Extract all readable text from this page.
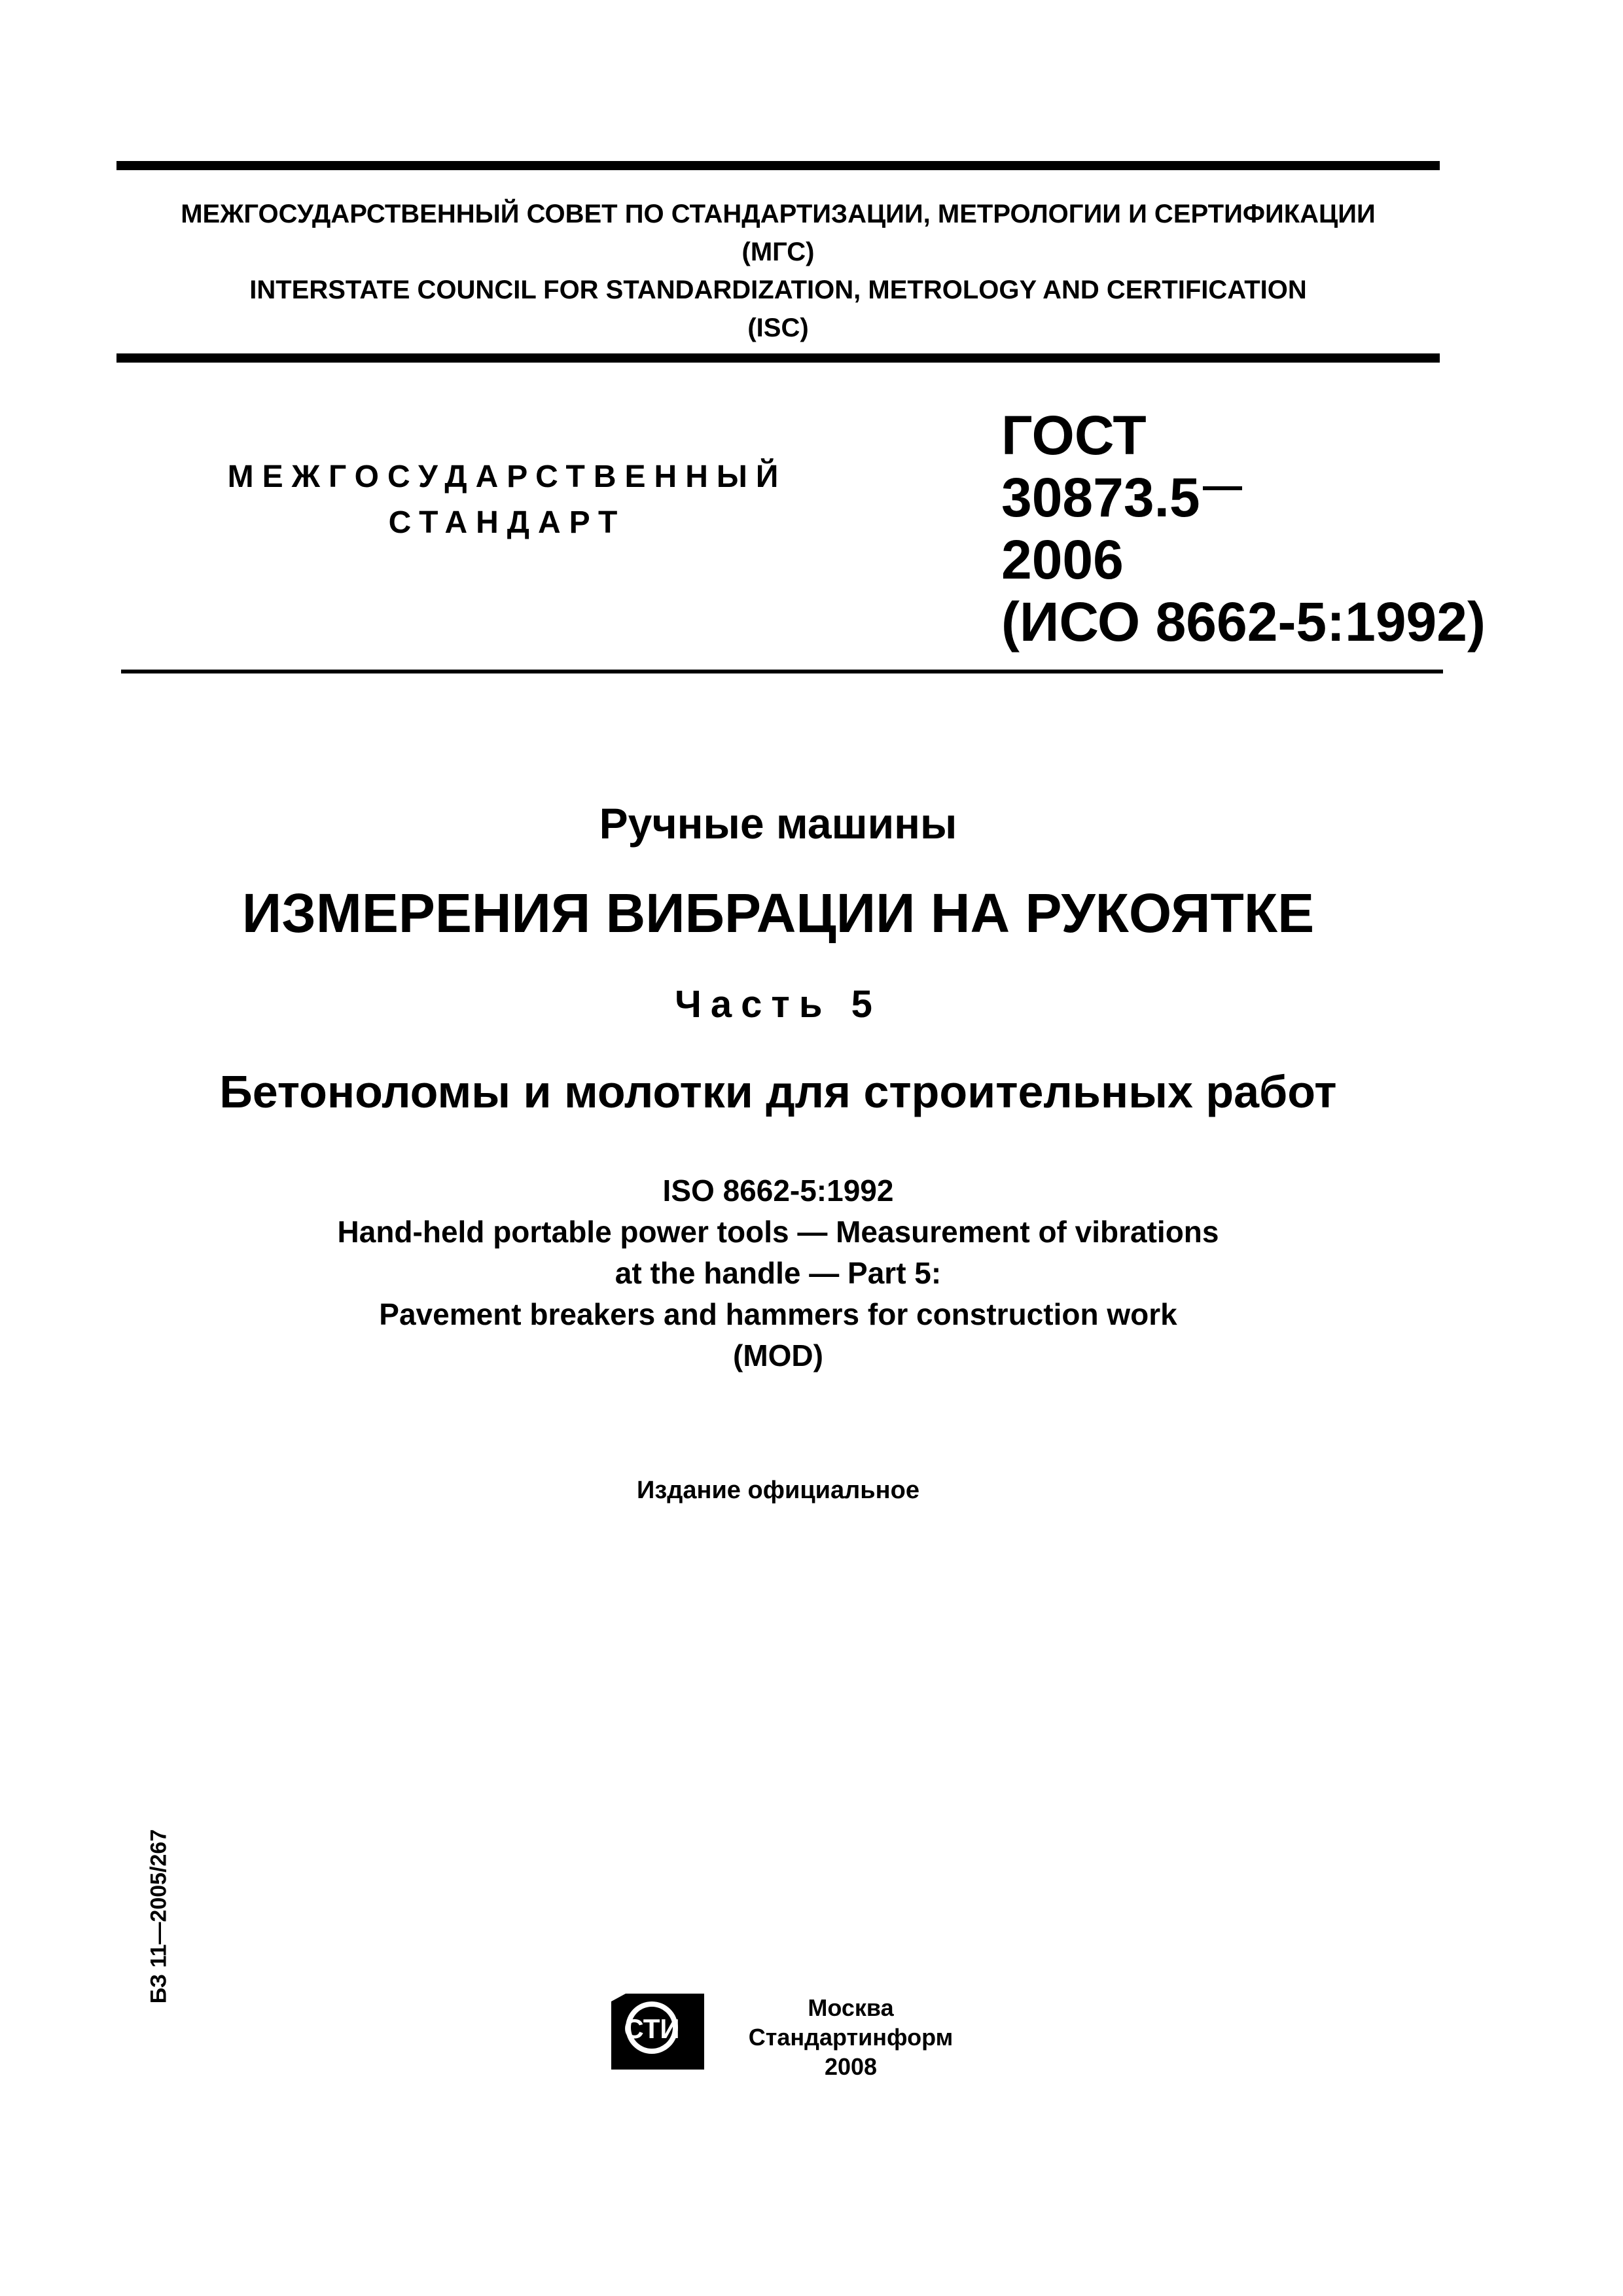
МЕЖГОСУДАРСТВЕННЫЙ СОВЕТ ПО СТАНДАРТИЗАЦИИ, МЕТРОЛОГИИ И СЕРТИФИКАЦИИ
(МГС)
INTERSTATE COUNCIL FOR STANDARDIZATION, METROLOGY AND CERTIFICATION
(ISC)
МЕЖГОСУДАРСТВЕННЫЙ
СТАНДАРТ
ГОСТ
30873.5
2006
(ИСО 8662-5:1992)
Ручные машины
ИЗМЕРЕНИЯ ВИБРАЦИИ НА РУКОЯТКЕ
Часть 5
Бетоноломы и молотки для строительных работ
ISO 8662-5:1992
Hand-held portable power tools — Measurement of vibrations
at the handle — Part 5:
Pavement breakers and hammers for construction work
(MOD)
Издание официальное
БЗ 11—2005/267
СТИ
Москва
Стандартинформ
2008
